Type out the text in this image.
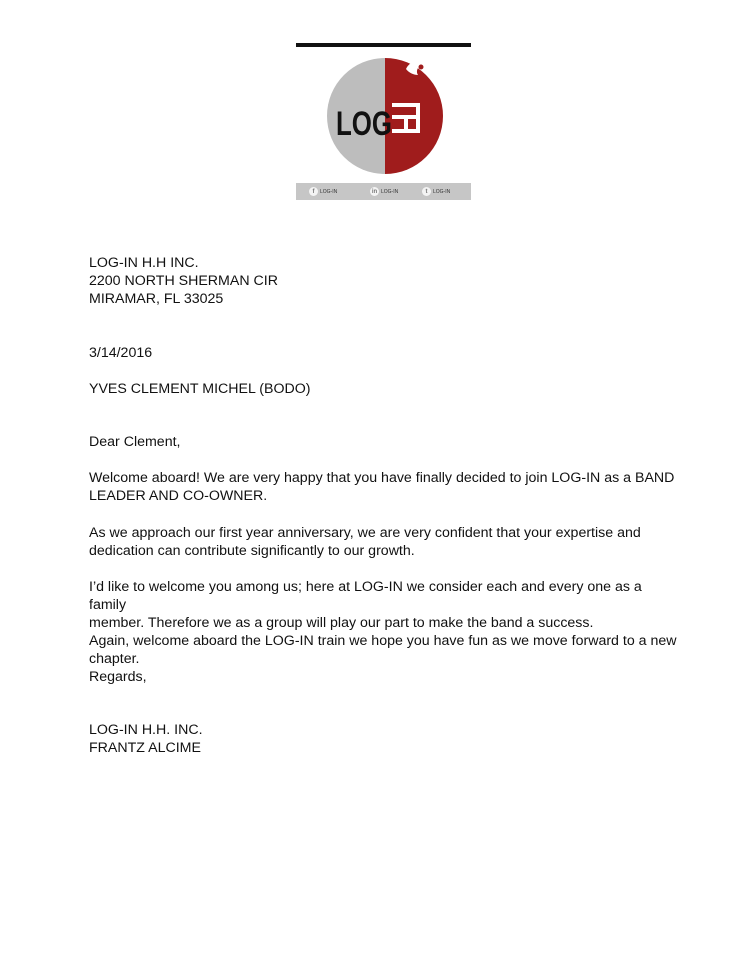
LOG
f	LOG-IN	in LOG-IN	t	LOG-IN

LOG-IN H.H INC.

2200 NORTH SHERMAN CIR

MIRAMAR, FL 33025

3/14/2016
YVES CLEMENT MICHEL (BODO)
Dear Clement,

Welcome aboard! We are very happy that you have finally decided to join LOG-IN as a BAND

LEADER AND CO-OWNER.

As we approach our first year anniversary, we are very confident that your expertise and

dedication can contribute significantly to our growth.

I’d like to welcome you among us; here at LOG-IN we consider each and every one as a family

member. Therefore we as a group will play our part to make the band a success.

Again, welcome aboard the LOG-IN train we hope you have fun as we move forward to a new

chapter.

Regards,

LOG-IN H.H. INC.

FRANTZ ALCIME
